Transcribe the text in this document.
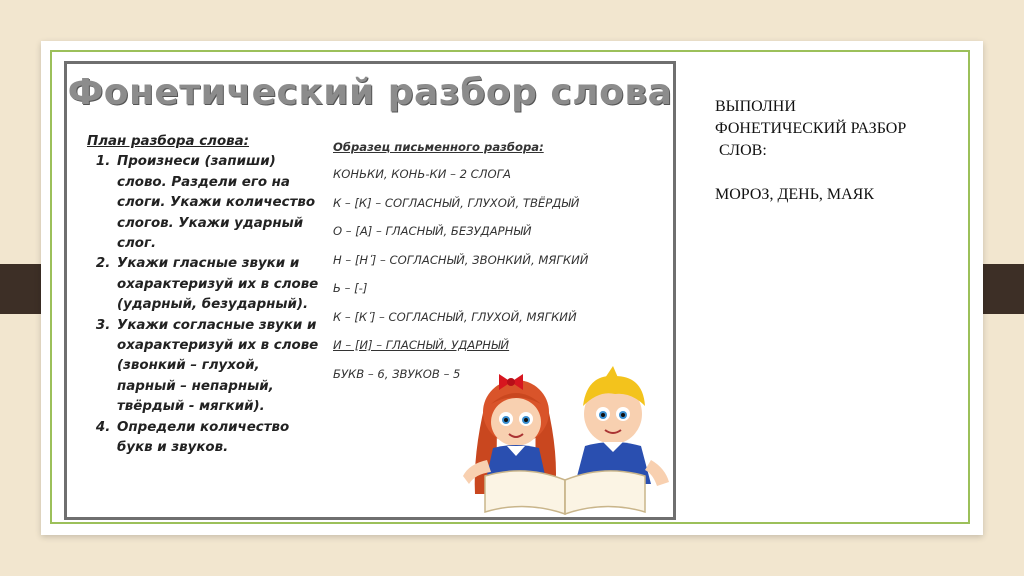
Фонетический разбор слова
План разбора слова:
1. Произнеси (запиши) слово. Раздели его на слоги. Укажи количество слогов. Укажи ударный слог.
2. Укажи гласные звуки и охарактеризуй их в слове (ударный, безударный).
3. Укажи согласные звуки и охарактеризуй их в слове (звонкий – глухой, парный – непарный, твёрдый - мягкий).
4. Определи количество букв и звуков.
Образец письменного разбора:
КОНЬКИ, КОНЬ-КИ – 2 СЛОГА
К – [К] – СОГЛАСНЫЙ, ГЛУХОЙ, ТВЁРДЫЙ
О – [А] – ГЛАСНЫЙ, БЕЗУДАРНЫЙ
Н – [Н ̕] – СОГЛАСНЫЙ, ЗВОНКИЙ, МЯГКИЙ
Ь – [-]
К – [К ̕] – СОГЛАСНЫЙ, ГЛУХОЙ, МЯГКИЙ
И – [И] – ГЛАСНЫЙ, УДАРНЫЙ
БУКВ – 6, ЗВУКОВ – 5
ВЫПОЛНИ
ФОНЕТИЧЕСКИЙ РАЗБОР
СЛОВ:
МОРОЗ, ДЕНЬ, МАЯК
